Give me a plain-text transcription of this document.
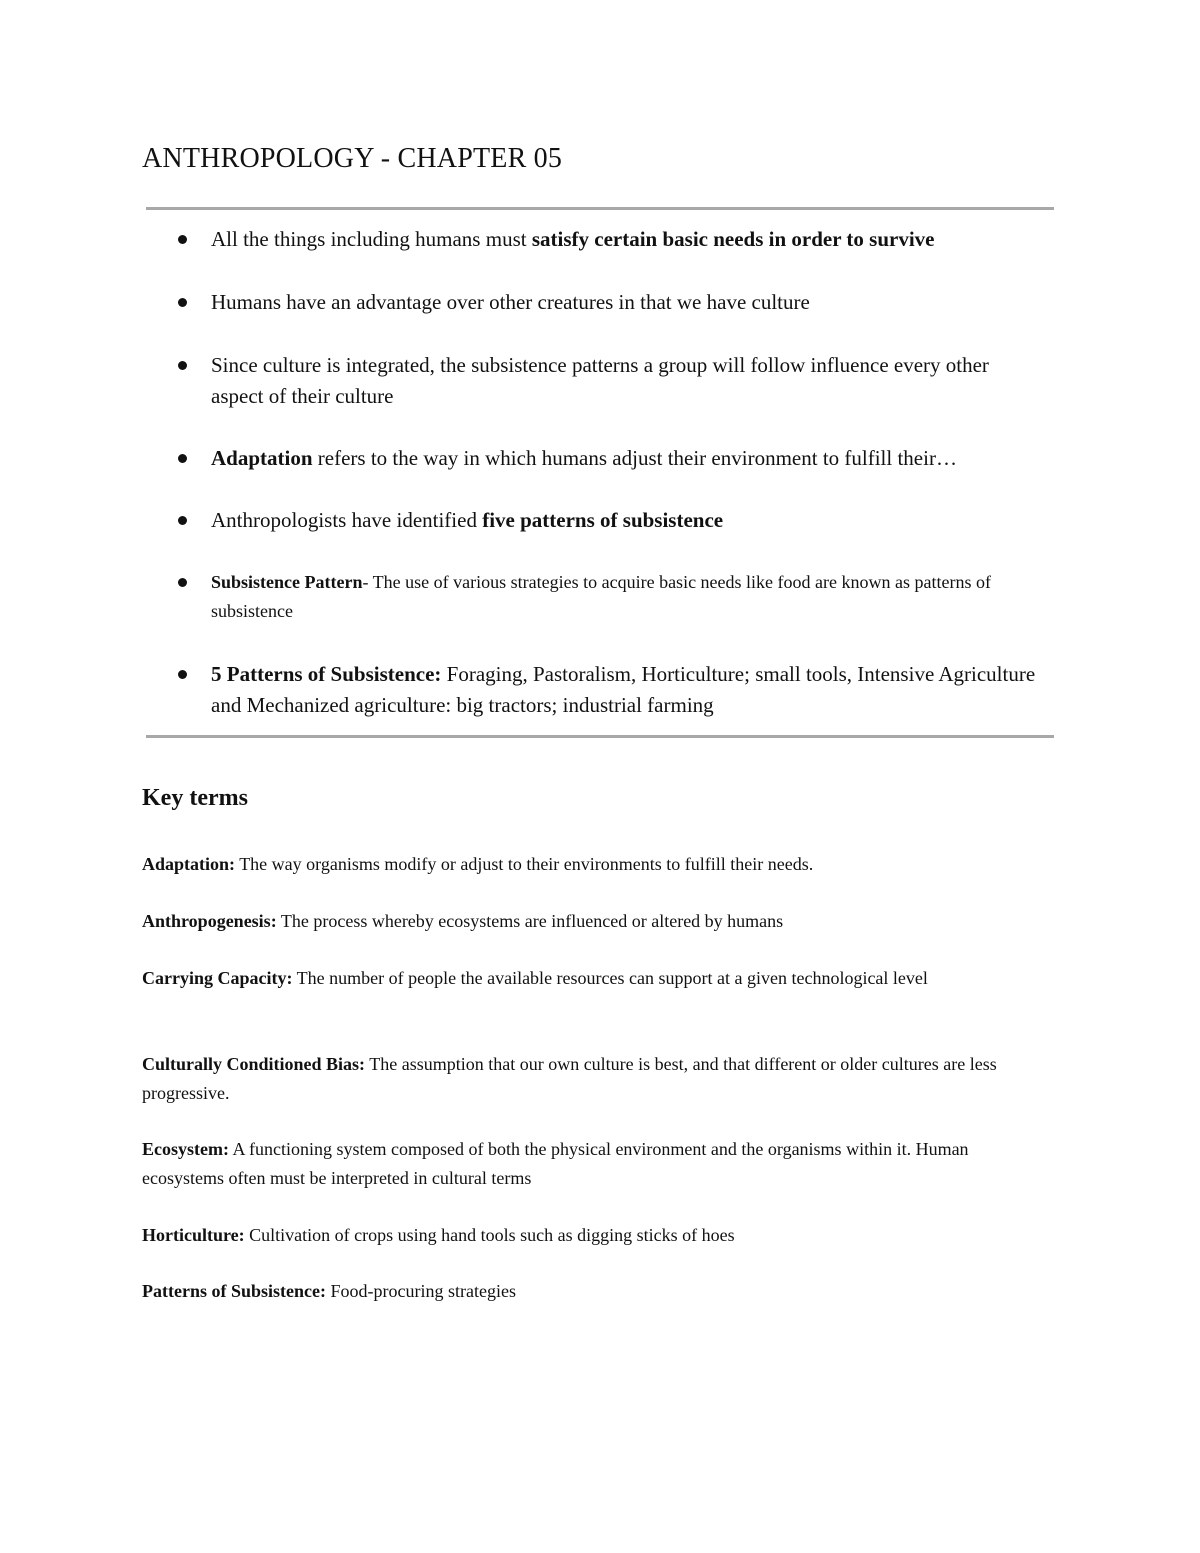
ANTHROPOLOGY - CHAPTER 05
All the things including humans must satisfy certain basic needs in order to survive
Humans have an advantage over other creatures in that we have culture
Since culture is integrated, the subsistence patterns a group will follow influence every other aspect of their culture
Adaptation refers to the way in which humans adjust their environment to fulfill their…
Anthropologists have identified five patterns of subsistence
Subsistence Pattern- The use of various strategies to acquire basic needs like food are known as patterns of subsistence
5 Patterns of Subsistence: Foraging, Pastoralism, Horticulture; small tools, Intensive Agriculture and Mechanized agriculture: big tractors; industrial farming
Key terms

Adaptation: The way organisms modify or adjust to their environments to fulfill their needs.

Anthropogenesis: The process whereby ecosystems are influenced or altered by humans

Carrying Capacity: The number of people the available resources can support at a given technological level

Culturally Conditioned Bias: The assumption that our own culture is best, and that different or older cultures are less progressive.

Ecosystem: A functioning system composed of both the physical environment and the organisms within it. Human ecosystems often must be interpreted in cultural terms

Horticulture: Cultivation of crops using hand tools such as digging sticks of hoes

Patterns of Subsistence: Food-procuring strategies
